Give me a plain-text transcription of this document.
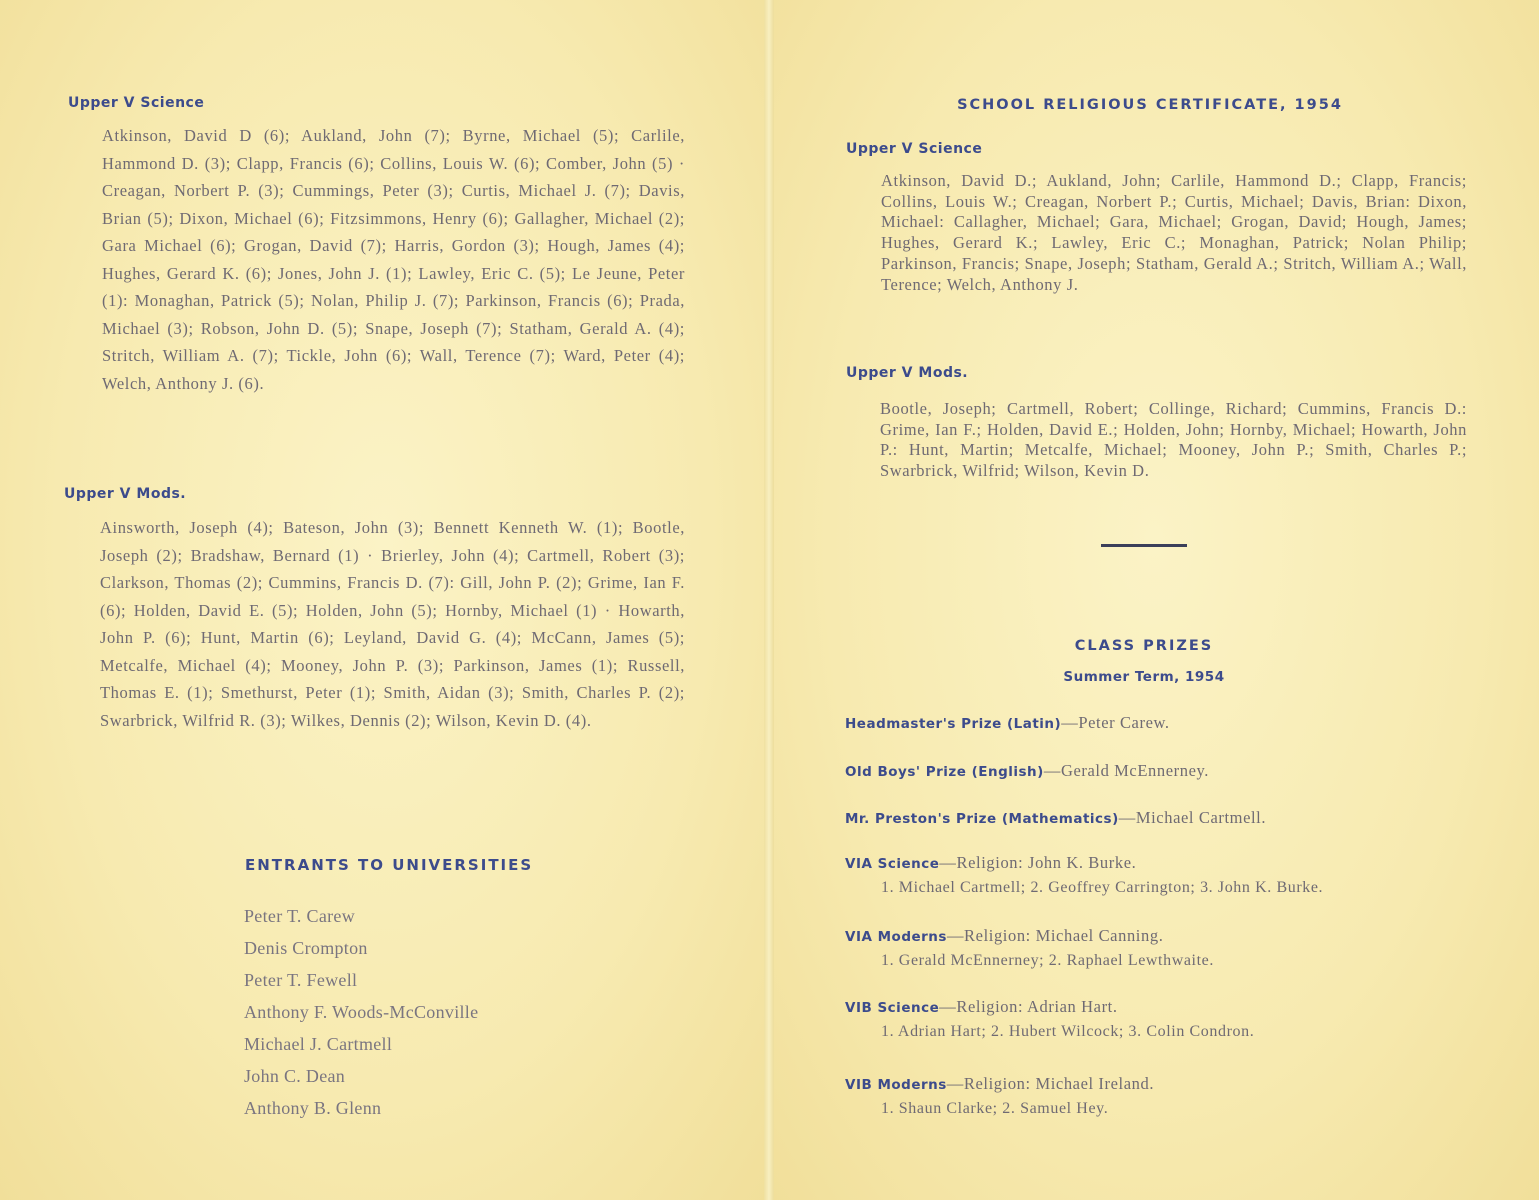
Upper V Science

Atkinson, David D (6); Aukland, John (7); Byrne, Michael (5); Carlile, Hammond D. (3); Clapp, Francis (6); Collins, Louis W. (6); Comber, John (5) · Creagan, Norbert P. (3); Cummings, Peter (3); Curtis, Michael J. (7); Davis, Brian (5); Dixon, Michael (6); Fitzsimmons, Henry (6); Gallagher, Michael (2); Gara Michael (6); Grogan, David (7); Harris, Gordon (3); Hough, James (4); Hughes, Gerard K. (6); Jones, John J. (1); Lawley, Eric C. (5); Le Jeune, Peter (1): Monaghan, Patrick (5); Nolan, Philip J. (7); Parkinson, Francis (6); Prada, Michael (3); Robson, John D. (5); Snape, Joseph (7); Statham, Gerald A. (4); Stritch, William A. (7); Tickle, John (6); Wall, Terence (7); Ward, Peter (4); Welch, Anthony J. (6).

Upper V Mods.

Ainsworth, Joseph (4); Bateson, John (3); Bennett Kenneth W. (1); Bootle, Joseph (2); Bradshaw, Bernard (1) · Brierley, John (4); Cartmell, Robert (3); Clarkson, Thomas (2); Cummins, Francis D. (7): Gill, John P. (2); Grime, Ian F. (6); Holden, David E. (5); Holden, John (5); Hornby, Michael (1) · Howarth, John P. (6); Hunt, Martin (6); Leyland, David G. (4); McCann, James (5); Metcalfe, Michael (4); Mooney, John P. (3); Parkinson, James (1); Russell, Thomas E. (1); Smethurst, Peter (1); Smith, Aidan (3); Smith, Charles P. (2); Swarbrick, Wilfrid R. (3); Wilkes, Dennis (2); Wilson, Kevin D. (4).

ENTRANTS TO UNIVERSITIES
Peter T. Carew
Denis Crompton
Peter T. Fewell
Anthony F. Woods-McConville
Michael J. Cartmell
John C. Dean
Anthony B. Glenn
SCHOOL RELIGIOUS CERTIFICATE, 1954
Upper V Science

Atkinson, David D.; Aukland, John; Carlile, Hammond D.; Clapp, Francis; Collins, Louis W.; Creagan, Norbert P.; Curtis, Michael; Davis, Brian: Dixon, Michael: Callagher, Michael; Gara, Michael; Grogan, David; Hough, James; Hughes, Gerard K.; Lawley, Eric C.; Monaghan, Patrick; Nolan Philip; Parkinson, Francis; Snape, Joseph; Statham, Gerald A.; Stritch, William A.; Wall, Terence; Welch, Anthony J.

Upper V Mods.

Bootle, Joseph; Cartmell, Robert; Collinge, Richard; Cummins, Francis D.: Grime, Ian F.; Holden, David E.; Holden, John; Hornby, Michael; Howarth, John P.: Hunt, Martin; Metcalfe, Michael; Mooney, John P.; Smith, Charles P.; Swarbrick, Wilfrid; Wilson, Kevin D.

CLASS PRIZES
Summer Term, 1954
Headmaster's Prize (Latin)—Peter Carew.
Old Boys' Prize (English)—Gerald McEnnerney.
Mr. Preston's Prize (Mathematics)—Michael Cartmell.
VIA Science—Religion: John K. Burke.
1. Michael Cartmell; 2. Geoffrey Carrington; 3. John K. Burke.
VIA Moderns—Religion: Michael Canning.
1. Gerald McEnnerney; 2. Raphael Lewthwaite.
VIB Science—Religion: Adrian Hart.
1. Adrian Hart; 2. Hubert Wilcock; 3. Colin Condron.
VIB Moderns—Religion: Michael Ireland.
1. Shaun Clarke; 2. Samuel Hey.
